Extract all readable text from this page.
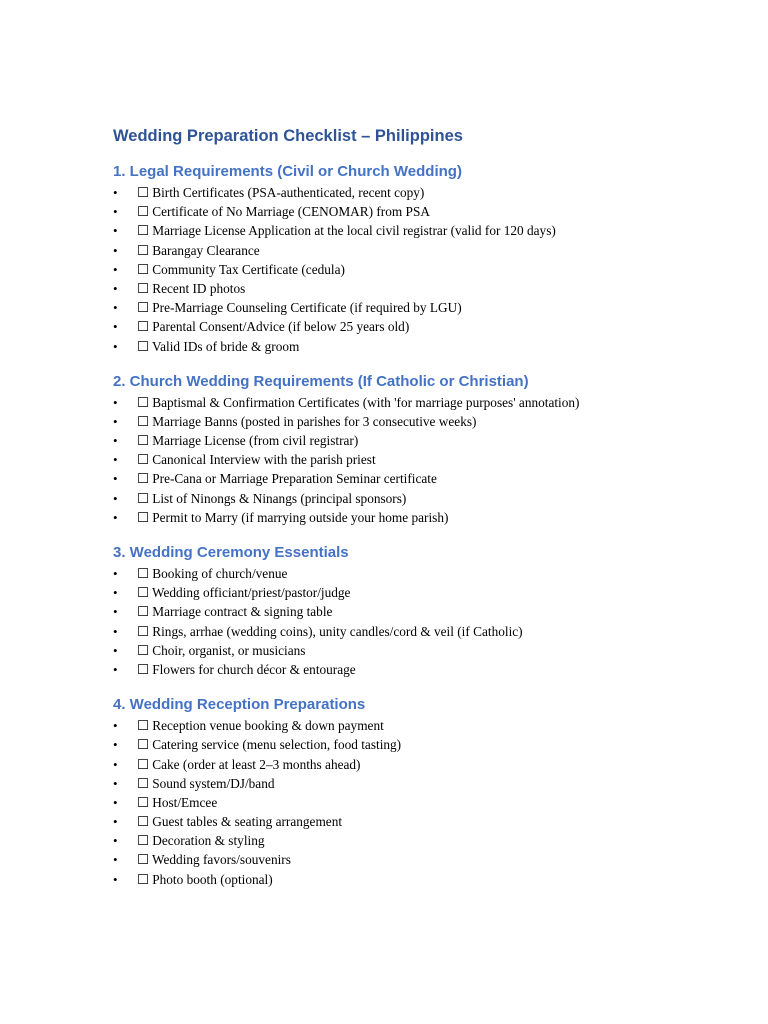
Wedding Preparation Checklist – Philippines
1. Legal Requirements (Civil or Church Wedding)
• ☐ Birth Certificates (PSA-authenticated, recent copy)
• ☐ Certificate of No Marriage (CENOMAR) from PSA
• ☐ Marriage License Application at the local civil registrar (valid for 120 days)
• ☐ Barangay Clearance
• ☐ Community Tax Certificate (cedula)
• ☐ Recent ID photos
• ☐ Pre-Marriage Counseling Certificate (if required by LGU)
• ☐ Parental Consent/Advice (if below 25 years old)
• ☐ Valid IDs of bride & groom
2. Church Wedding Requirements (If Catholic or Christian)
• ☐ Baptismal & Confirmation Certificates (with 'for marriage purposes' annotation)
• ☐ Marriage Banns (posted in parishes for 3 consecutive weeks)
• ☐ Marriage License (from civil registrar)
• ☐ Canonical Interview with the parish priest
• ☐ Pre-Cana or Marriage Preparation Seminar certificate
• ☐ List of Ninongs & Ninangs (principal sponsors)
• ☐ Permit to Marry (if marrying outside your home parish)
3. Wedding Ceremony Essentials
• ☐ Booking of church/venue
• ☐ Wedding officiant/priest/pastor/judge
• ☐ Marriage contract & signing table
• ☐ Rings, arrhae (wedding coins), unity candles/cord & veil (if Catholic)
• ☐ Choir, organist, or musicians
• ☐ Flowers for church décor & entourage
4. Wedding Reception Preparations
• ☐ Reception venue booking & down payment
• ☐ Catering service (menu selection, food tasting)
• ☐ Cake (order at least 2–3 months ahead)
• ☐ Sound system/DJ/band
• ☐ Host/Emcee
• ☐ Guest tables & seating arrangement
• ☐ Decoration & styling
• ☐ Wedding favors/souvenirs
• ☐ Photo booth (optional)
